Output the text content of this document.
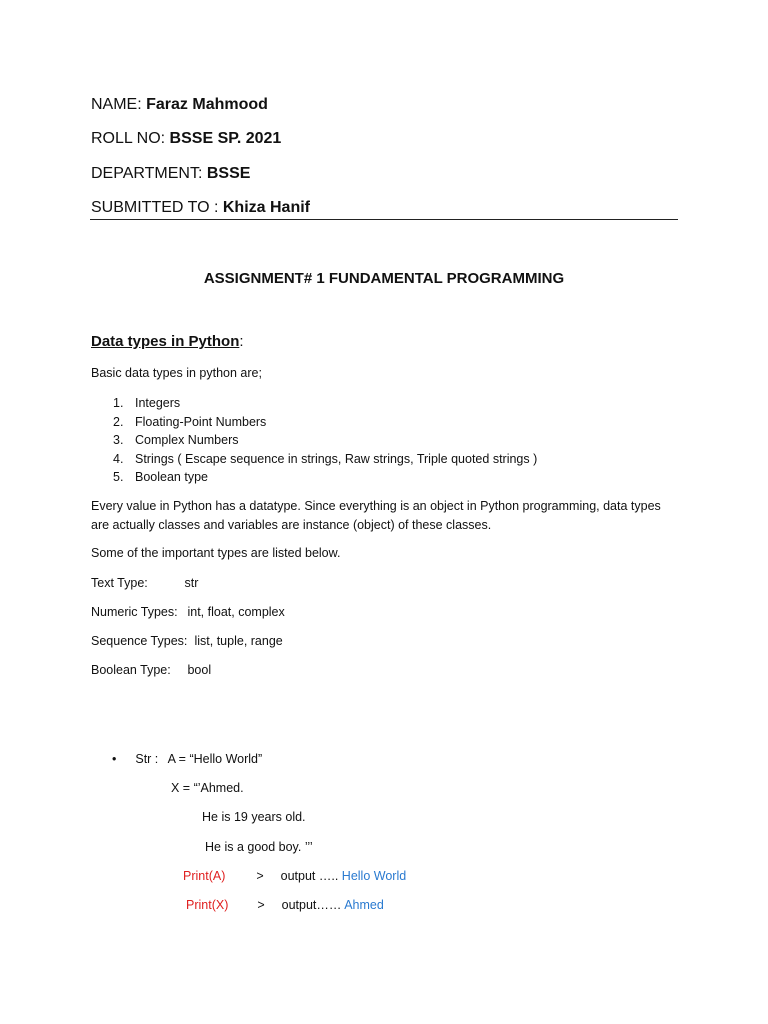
NAME: Faraz Mahmood
ROLL NO: BSSE SP. 2021
DEPARTMENT: BSSE
SUBMITTED TO : Khiza Hanif
ASSIGNMENT# 1 FUNDAMENTAL PROGRAMMING
Data types in Python:
Basic data types in python are;
1. Integers
2. Floating-Point Numbers
3. Complex Numbers
4. Strings ( Escape sequence in strings, Raw strings, Triple quoted strings )
5. Boolean type
Every value in Python has a datatype. Since everything is an object in Python programming, data types are actually classes and variables are instance (object) of these classes.
Some of the important types are listed below.
Text Type:	str
Numeric Types: int, float, complex
Sequence Types: list, tuple, range
Boolean Type: bool
• Str : A = “Hello World”
X = “’Ahmed.
He is 19 years old.
He is a good boy. ’’’
Print(A) > output ….. Hello World
Print(X) > output…… Ahmed
